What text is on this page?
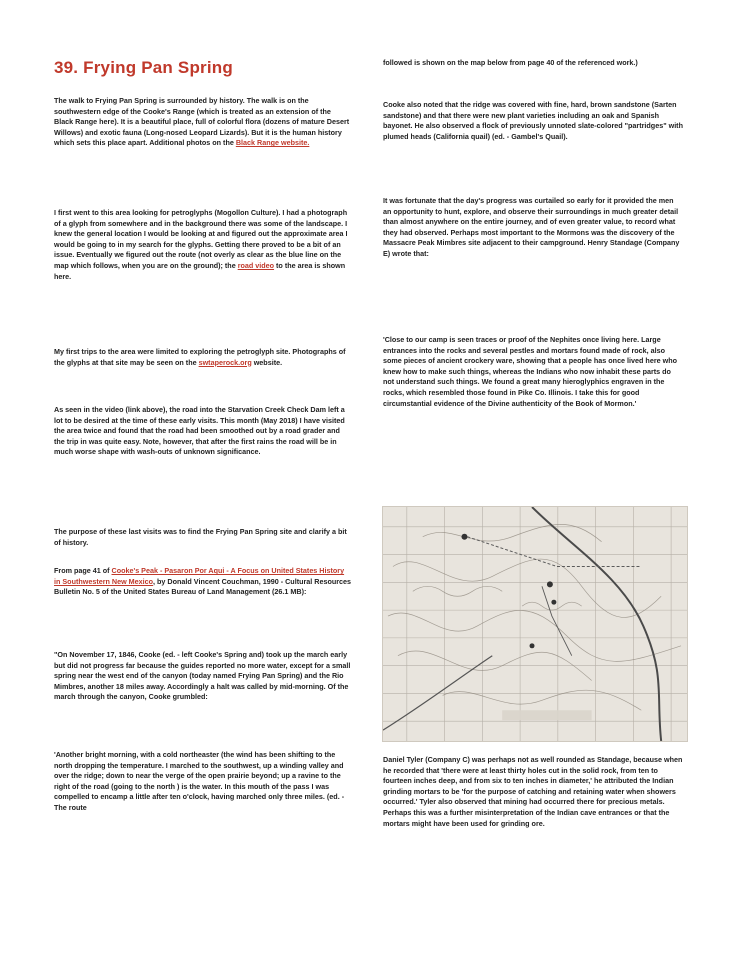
39. Frying Pan Spring

The walk to Frying Pan Spring is surrounded by history. The walk is on the southwestern edge of the Cooke's Range (which is treated as an extension of the Black Range here). It is a beautiful place, full of colorful flora (dozens of mature Desert Willows) and exotic fauna (Long-nosed Leopard Lizards). But it is the human history which sets this place apart. Additional photos on the Black Range website.

I first went to this area looking for petroglyphs (Mogollon Culture). I had a photograph of a glyph from somewhere and in the background there was some of the landscape. I knew the general location I would be looking at and figured out the approximate area I would be going to in my search for the glyphs. Getting there proved to be a bit of an issue. Eventually we figured out the route (not overly as clear as the blue line on the map which follows, when you are on the ground); the road video to the area is shown here.

My first trips to the area were limited to exploring the petroglyph site. Photographs of the glyphs at that site may be seen on the swtaperock.org website.

As seen in the video (link above), the road into the Starvation Creek Check Dam left a lot to be desired at the time of these early visits. This month (May 2018) I have visited the area twice and found that the road had been smoothed out by a road grader and the trip in was quite easy. Note, however, that after the first rains the road will be in much worse shape with wash-outs of unknown significance.

The purpose of these last visits was to find the Frying Pan Spring site and clarify a bit of history.

From page 41 of Cooke's Peak - Pasaron Por Aqui - A Focus on United States History in Southwestern New Mexico, by Donald Vincent Couchman, 1990 - Cultural Resources Bulletin No. 5 of the United States Bureau of Land Management (26.1 MB):

"On November 17, 1846, Cooke (ed. - left Cooke's Spring and) took up the march early but did not progress far because the guides reported no more water, except for a small spring near the west end of the canyon (today named Frying Pan Spring) and the Rio Mimbres, another 18 miles away. Accordingly a halt was called by mid-morning. Of the march through the canyon, Cooke grumbled:

'Another bright morning, with a cold northeaster (the wind has been shifting to the north dropping the temperature. I marched to the southwest, up a winding valley and over the ridge; down to near the verge of the open prairie beyond; up a ravine to the right of the road (going to the north ) is the water. In this mouth of the pass I was compelled to encamp a little after ten o'clock, having marched only three miles. (ed. - The route

followed is shown on the map below from page 40 of the referenced work.)

Cooke also noted that the ridge was covered with fine, hard, brown sandstone (Sarten sandstone) and that there were new plant varieties including an oak and Spanish bayonet. He also observed a flock of previously unnoted slate-colored "partridges" with plumed heads (California quail) (ed. - Gambel's Quail).

It was fortunate that the day's progress was curtailed so early for it provided the men an opportunity to hunt, explore, and observe their surroundings in much greater detail than almost anywhere on the entire journey, and of even greater value, to record what they had observed. Perhaps most important to the Mormons was the discovery of the Massacre Peak Mimbres site adjacent to their campground. Henry Standage (Company E) wrote that:

'Close to our camp is seen traces or proof of the Nephites once living here. Large entrances into the rocks and several pestles and mortars found made of rock, also some pieces of ancient crockery ware, showing that a people has once lived here who knew how to make such things, whereas the Indians who now inhabit these parts do not understand such things. We found a great many hieroglyphics engraven in the rocks, which resembled those found in Pike Co. Illinois. I take this for good circumstantial evidence of the Divine authenticity of the Book of Mormon.'

Daniel Tyler (Company C) was perhaps not as well rounded as Standage, because when he recorded that 'there were at least thirty holes cut in the solid rock, from ten to fourteen inches deep, and from six to ten inches in diameter,' he attributed the Indian grinding mortars to be 'for the purpose of catching and retaining water when showers occurred.' Tyler also observed that mining had occurred there for precious metals. Perhaps this was a further misinterpretation of the Indian cave entrances or that the mortars might have been used for grinding ore.
